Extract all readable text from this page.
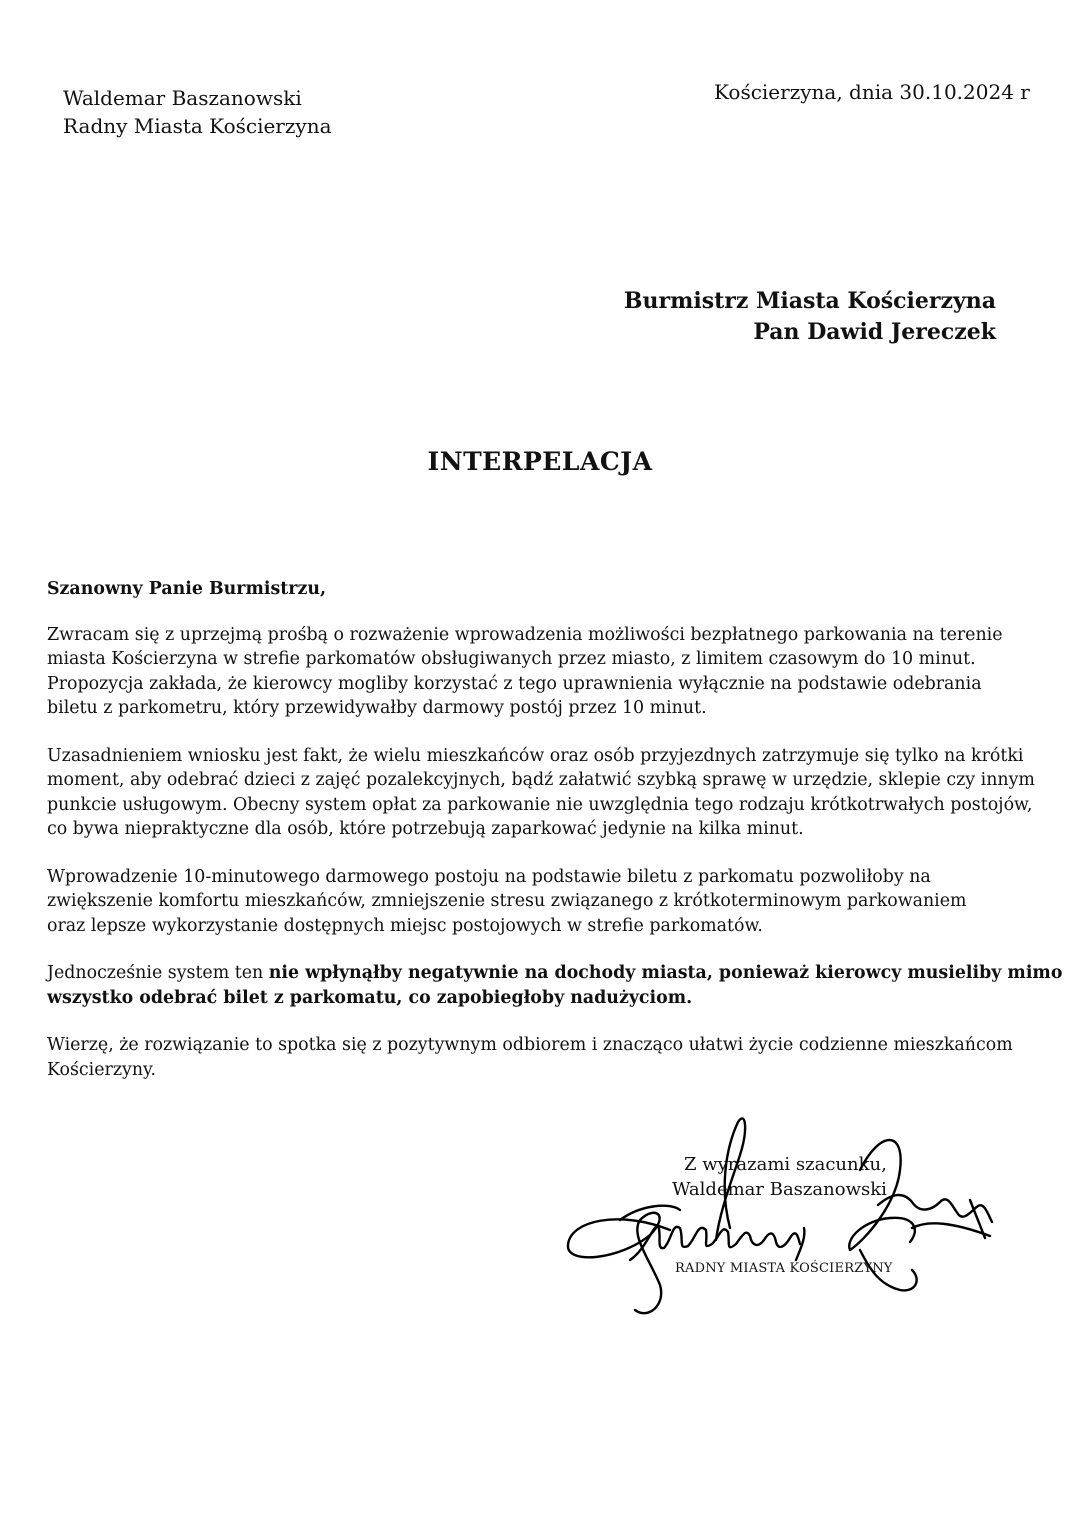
Waldemar Baszanowski
Radny Miasta Kościerzyna
Kościerzyna, dnia 30.10.2024 r
Burmistrz Miasta Kościerzyna
Pan Dawid Jereczek
INTERPELACJA

Szanowny Panie Burmistrzu,

Zwracam się z uprzejmą prośbą o rozważenie wprowadzenia możliwości bezpłatnego parkowania na terenie
miasta Kościerzyna w strefie parkomatów obsługiwanych przez miasto, z limitem czasowym do 10 minut.
Propozycja zakłada, że kierowcy mogliby korzystać z tego uprawnienia wyłącznie na podstawie odebrania
biletu z parkometru, który przewidywałby darmowy postój przez 10 minut.

Uzasadnieniem wniosku jest fakt, że wielu mieszkańców oraz osób przyjezdnych zatrzymuje się tylko na krótki
moment, aby odebrać dzieci z zajęć pozalekcyjnych, bądź załatwić szybką sprawę w urzędzie, sklepie czy innym
punkcie usługowym. Obecny system opłat za parkowanie nie uwzględnia tego rodzaju krótkotrwałych postojów,
co bywa niepraktyczne dla osób, które potrzebują zaparkować jedynie na kilka minut.

Wprowadzenie 10-minutowego darmowego postoju na podstawie biletu z parkomatu pozwoliłoby na
zwiększenie komfortu mieszkańców, zmniejszenie stresu związanego z krótkoterminowym parkowaniem
oraz lepsze wykorzystanie dostępnych miejsc postojowych w strefie parkomatów.

Jednocześnie system ten nie wpłynąłby negatywnie na dochody miasta, ponieważ kierowcy musieliby mimo
wszystko odebrać bilet z parkomatu, co zapobiegłoby nadużyciom.

Wierzę, że rozwiązanie to spotka się z pozytywnym odbiorem i znacząco ułatwi życie codzienne mieszkańcom
Kościerzyny.

Z wyrazami szacunku,
Waldemar Baszanowski
RADNY MIASTA KOŚCIERZYNY
